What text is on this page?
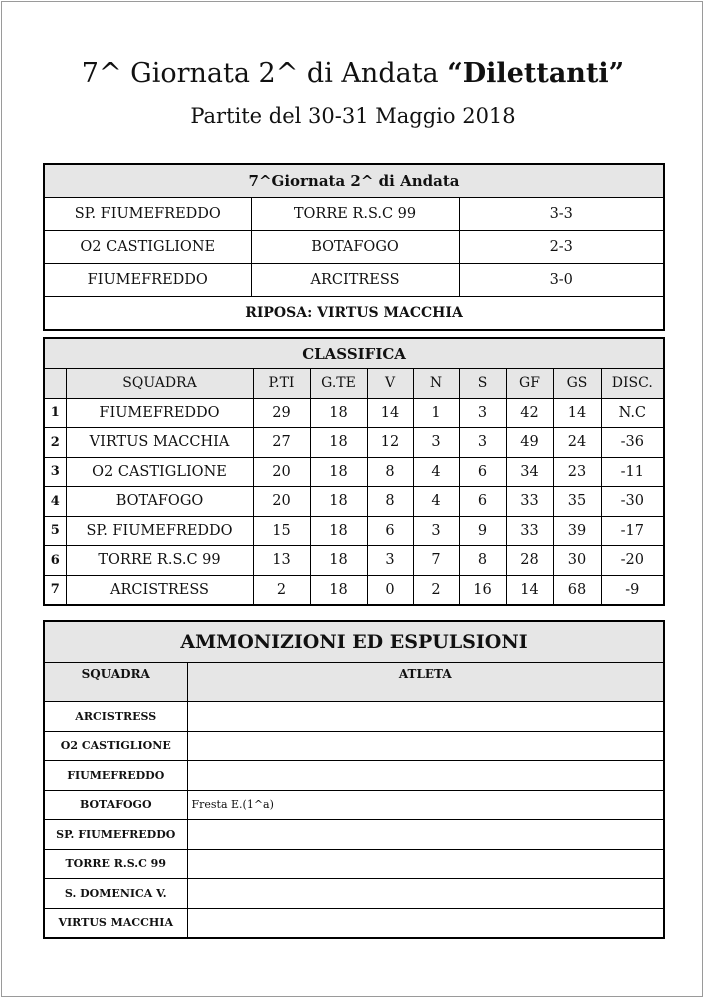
7^ Giornata 2^ di Andata “Dilettanti”
Partite del 30-31 Maggio 2018
7^Giornata 2^ di Andata		
SP. FIUMEFREDDO	TORRE R.S.C 99	3-3
O2 CASTIGLIONE	BOTAFOGO	2-3
FIUMEFREDDO	ARCITRESS	3-0
RIPOSA: VIRTUS MACCHIA		
CLASSIFICA									
	SQUADRA	P.TI	G.TE	V	N	S	GF	GS	DISC.
1	FIUMEFREDDO	29	18	14	1	3	42	14	N.C
2	VIRTUS MACCHIA	27	18	12	3	3	49	24	-36
3	O2 CASTIGLIONE	20	18	8	4	6	34	23	-11
4	BOTAFOGO	20	18	8	4	6	33	35	-30
5	SP. FIUMEFREDDO	15	18	6	3	9	33	39	-17
6	TORRE R.S.C 99	13	18	3	7	8	28	30	-20
7	ARCISTRESS	2	18	0	2	16	14	68	-9
AMMONIZIONI ED ESPULSIONI	
SQUADRA	ATLETA
ARCISTRESS	
O2 CASTIGLIONE	
FIUMEFREDDO	
BOTAFOGO	Fresta E.(1^a)
SP. FIUMEFREDDO	
TORRE R.S.C 99	
S. DOMENICA V.	
VIRTUS MACCHIA	
